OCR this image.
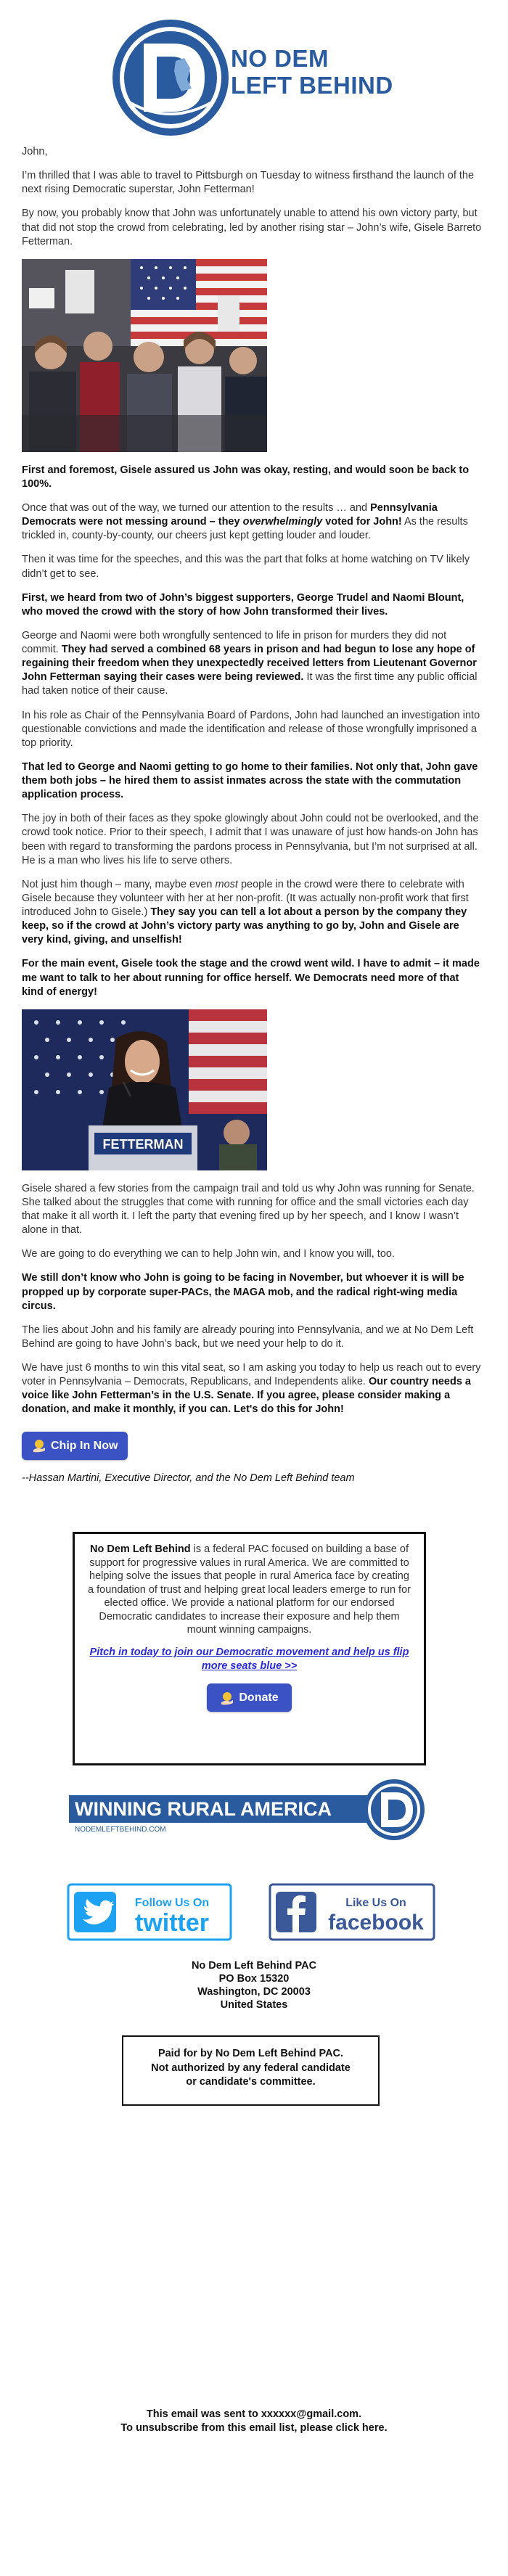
NO DEM
LEFT BEHIND

John,

I’m thrilled that I was able to travel to Pittsburgh on Tuesday to witness firsthand the launch of the next rising Democratic superstar, John Fetterman!

By now, you probably know that John was unfortunately unable to attend his own victory party, but that did not stop the crowd from celebrating, led by another rising star – John’s wife, Gisele Barreto Fetterman.

First and foremost, Gisele assured us John was okay, resting, and would soon be back to 100%.

Once that was out of the way, we turned our attention to the results … and Pennsylvania Democrats were not messing around – they overwhelmingly voted for John! As the results trickled in, county-by-county, our cheers just kept getting louder and louder.

Then it was time for the speeches, and this was the part that folks at home watching on TV likely didn’t get to see.

First, we heard from two of John’s biggest supporters, George Trudel and Naomi Blount, who moved the crowd with the story of how John transformed their lives.

George and Naomi were both wrongfully sentenced to life in prison for murders they did not commit. They had served a combined 68 years in prison and had begun to lose any hope of regaining their freedom when they unexpectedly received letters from Lieutenant Governor John Fetterman saying their cases were being reviewed. It was the first time any public official had taken notice of their cause.

In his role as Chair of the Pennsylvania Board of Pardons, John had launched an investigation into questionable convictions and made the identification and release of those wrongfully imprisoned a top priority.

That led to George and Naomi getting to go home to their families. Not only that, John gave them both jobs – he hired them to assist inmates across the state with the commutation application process.

The joy in both of their faces as they spoke glowingly about John could not be overlooked, and the crowd took notice. Prior to their speech, I admit that I was unaware of just how hands-on John has been with regard to transforming the pardons process in Pennsylvania, but I’m not surprised at all. He is a man who lives his life to serve others.

Not just him though – many, maybe even most people in the crowd were there to celebrate with Gisele because they volunteer with her at her non-profit. (It was actually non-profit work that first introduced John to Gisele.) They say you can tell a lot about a person by the company they keep, so if the crowd at John’s victory party was anything to go by, John and Gisele are very kind, giving, and unselfish!

For the main event, Gisele took the stage and the crowd went wild. I have to admit – it made me want to talk to her about running for office herself. We Democrats need more of that kind of energy!

FETTERMAN

Gisele shared a few stories from the campaign trail and told us why John was running for Senate. She talked about the struggles that come with running for office and the small victories each day that make it all worth it. I left the party that evening fired up by her speech, and I know I wasn’t alone in that.

We are going to do everything we can to help John win, and I know you will, too.

We still don’t know who John is going to be facing in November, but whoever it is will be propped up by corporate super-PACs, the MAGA mob, and the radical right-wing media circus.

The lies about John and his family are already pouring into Pennsylvania, and we at No Dem Left Behind are going to have John’s back, but we need your help to do it.

We have just 6 months to win this vital seat, so I am asking you today to help us reach out to every voter in Pennsylvania – Democrats, Republicans, and Independents alike. Our country needs a voice like John Fetterman’s in the U.S. Senate. If you agree, please consider making a donation, and make it monthly, if you can. Let's do this for John!

Chip In Now

--Hassan Martini, Executive Director, and the No Dem Left Behind team

No Dem Left Behind is a federal PAC focused on building a base of support for progressive values in rural America. We are committed to helping solve the issues that people in rural America face by creating a foundation of trust and helping great local leaders emerge to run for elected office. We provide a national platform for our endorsed Democratic candidates to increase their exposure and help them mount winning campaigns.

Pitch in today to join our Democratic movement and help us flip more seats blue >>
Donate
WINNING RURAL AMERICA
NODEMLEFTBEHIND.COM
Follow Us On
twitter
Like Us On
facebook
No Dem Left Behind PAC
PO Box 15320
Washington, DC 20003
United States
Paid for by No Dem Left Behind PAC.
Not authorized by any federal candidate
or candidate's committee.
This email was sent to xxxxxx@gmail.com.
To unsubscribe from this email list, please click here.
